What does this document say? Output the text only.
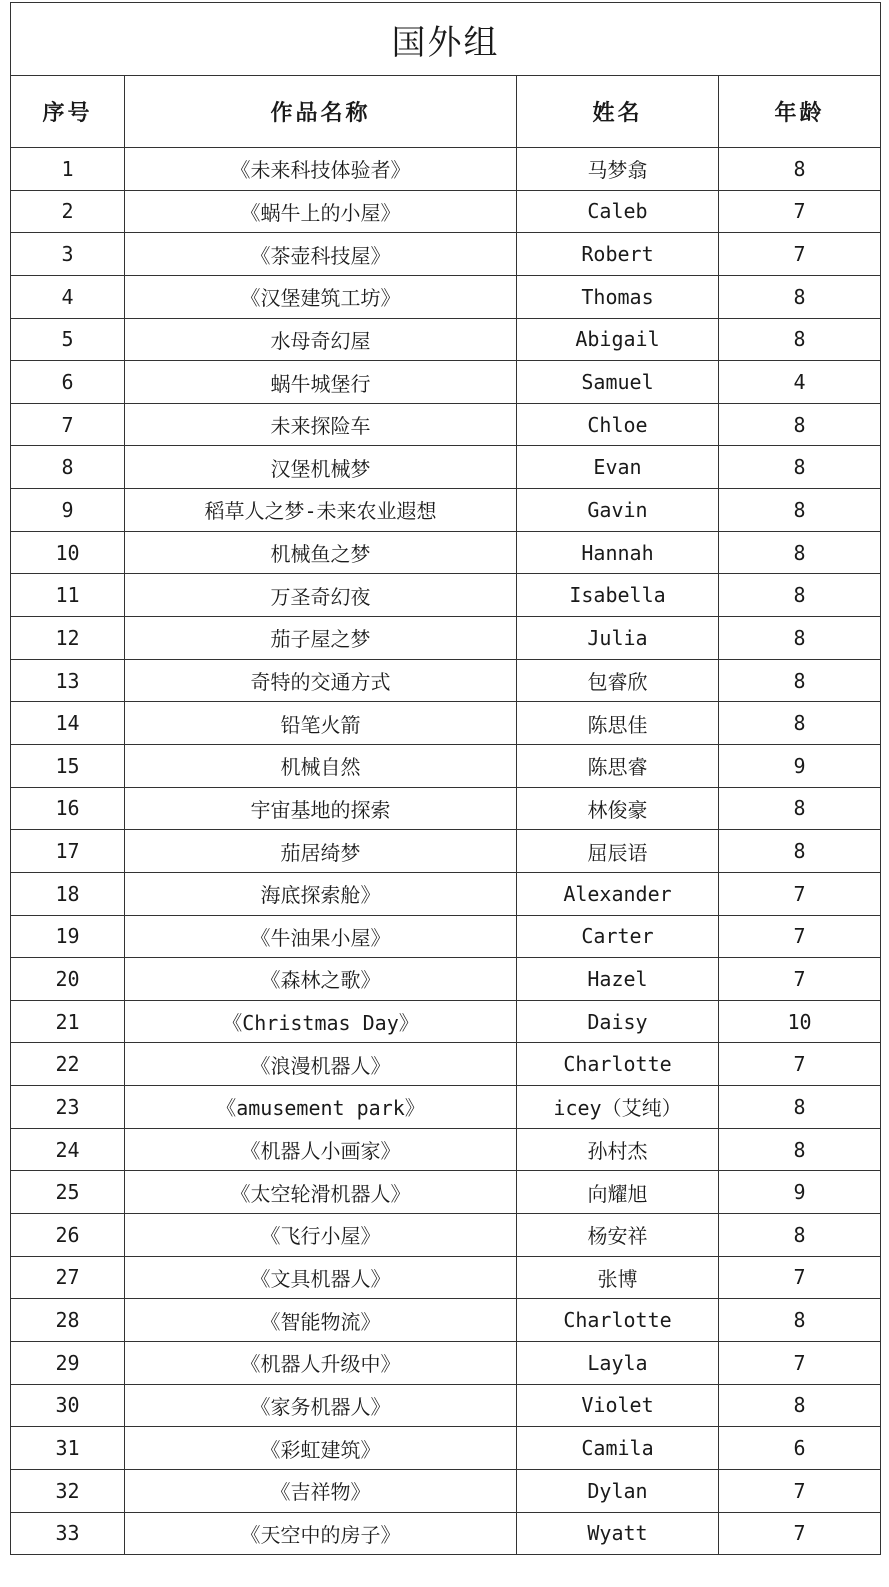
国外组			
序号	作品名称	姓名	年龄
1	《未来科技体验者》	马梦翕	8
2	《蜗牛上的小屋》	Caleb	7
3	《茶壶科技屋》	Robert	7
4	《汉堡建筑工坊》	Thomas	8
5	水母奇幻屋	Abigail	8
6	蜗牛城堡行	Samuel	4
7	未来探险车	Chloe	8
8	汉堡机械梦	Evan	8
9	稻草人之梦-未来农业遐想	Gavin	8
10	机械鱼之梦	Hannah	8
11	万圣奇幻夜	Isabella	8
12	茄子屋之梦	Julia	8
13	奇特的交通方式	包睿欣	8
14	铅笔火箭	陈思佳	8
15	机械自然	陈思睿	9
16	宇宙基地的探索	林俊豪	8
17	茄居绮梦	屈辰语	8
18	海底探索舱》	Alexander	7
19	《牛油果小屋》	Carter	7
20	《森林之歌》	Hazel	7
21	《Christmas Day》	Daisy	10
22	《浪漫机器人》	Charlotte	7
23	《amusement park》	icey（艾纯）	8
24	《机器人小画家》	孙村杰	8
25	《太空轮滑机器人》	向耀旭	9
26	《飞行小屋》	杨安祥	8
27	《文具机器人》	张博	7
28	《智能物流》	Charlotte	8
29	《机器人升级中》	Layla	7
30	《家务机器人》	Violet	8
31	《彩虹建筑》	Camila	6
32	《吉祥物》	Dylan	7
33	《天空中的房子》	Wyatt	7
